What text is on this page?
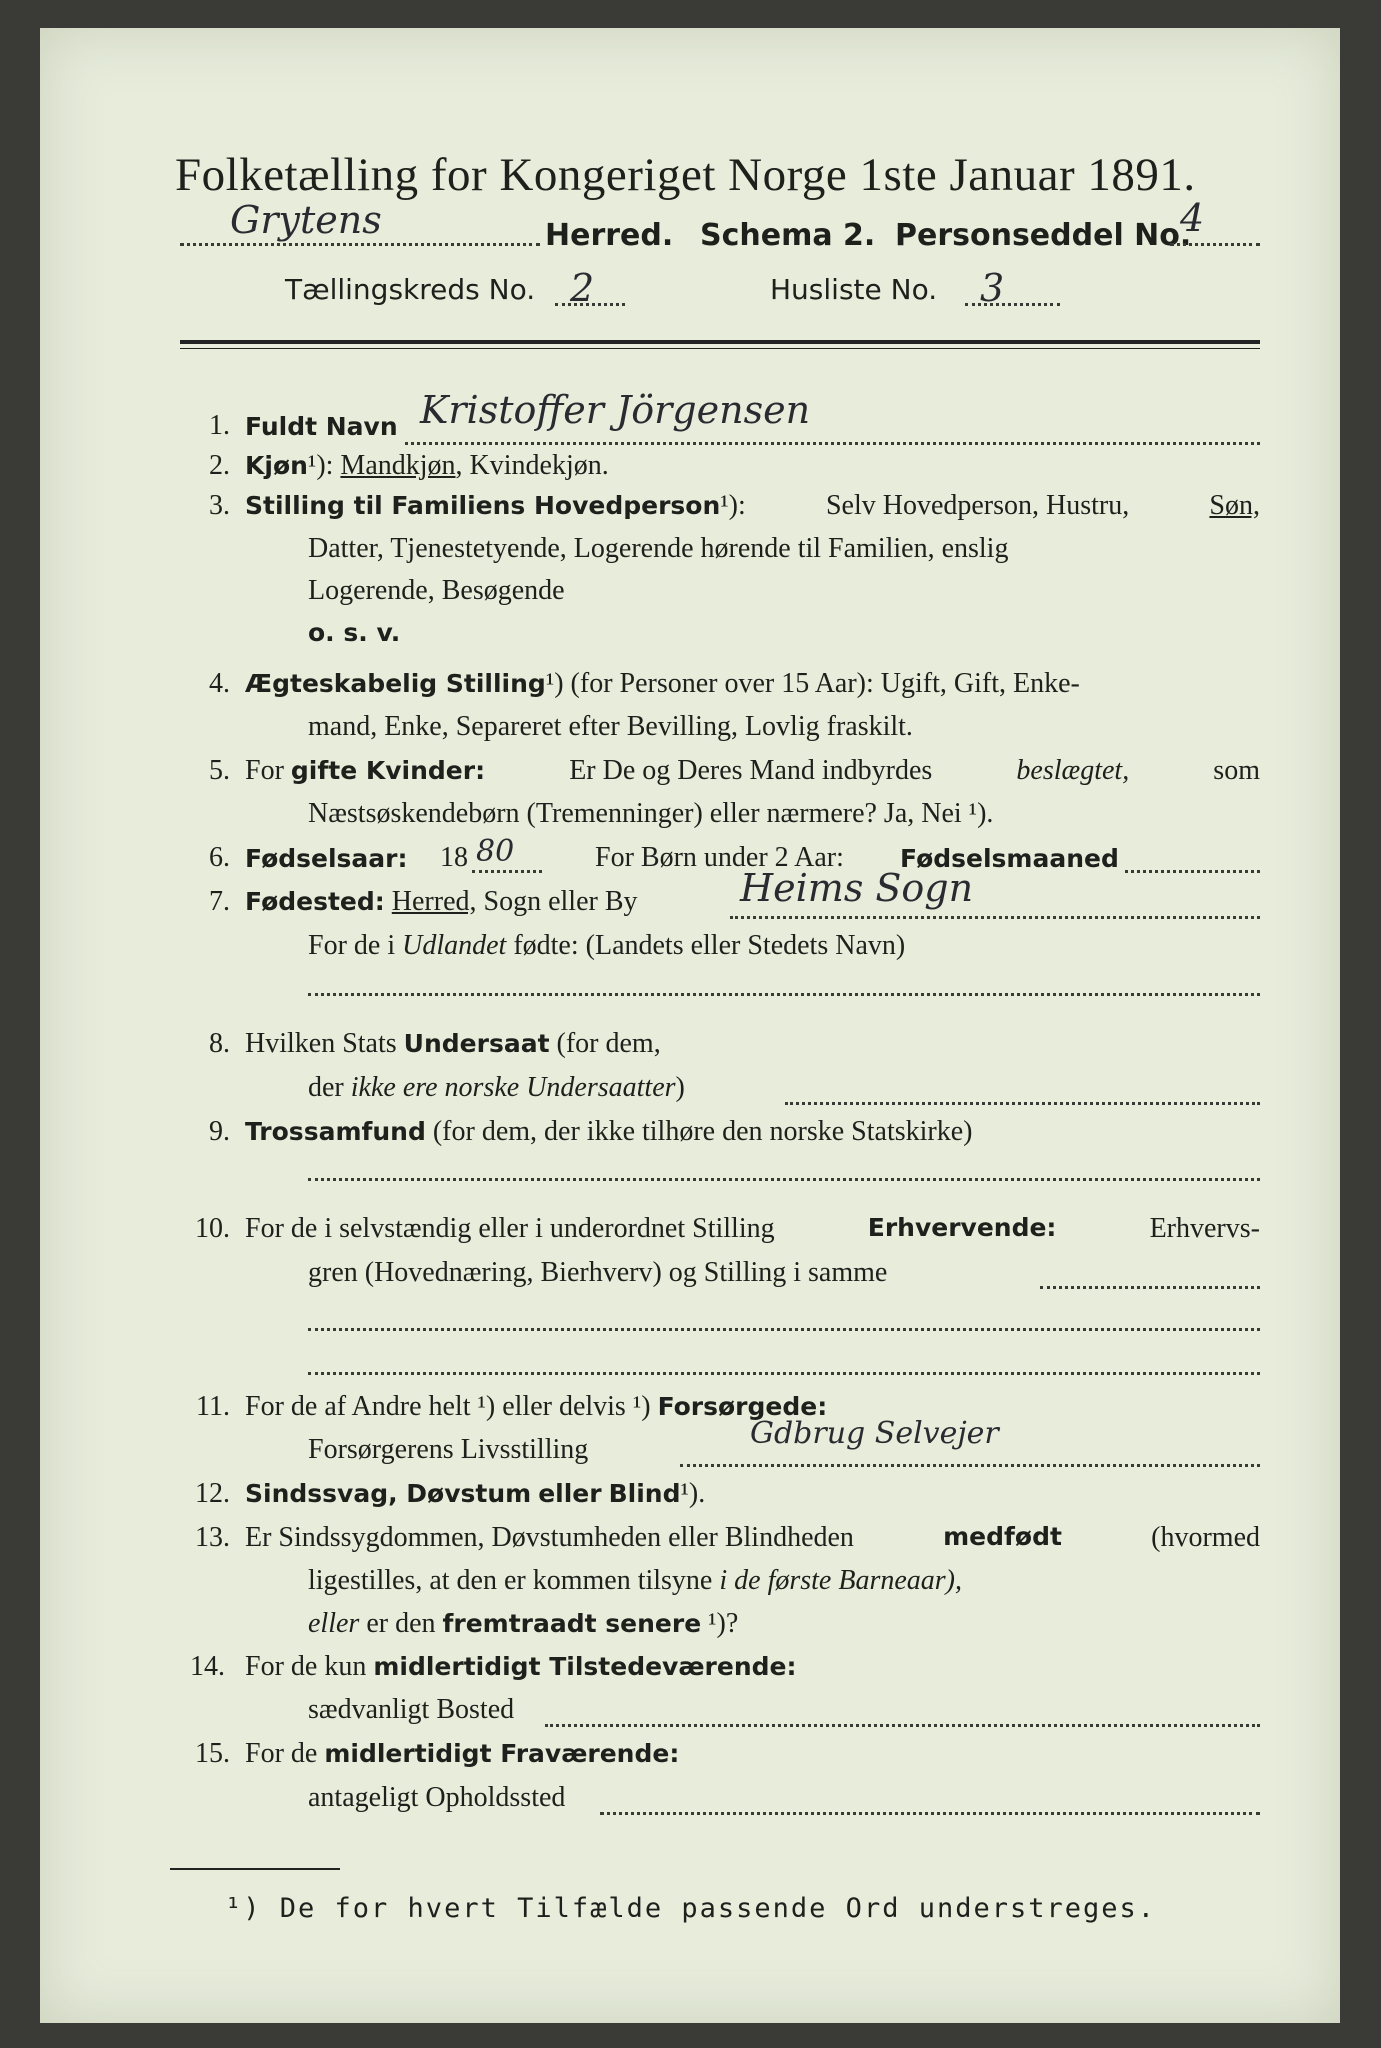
Folketælling for Kongeriget Norge 1ste Januar 1891.
Grytens	Herred. Schema 2. Personseddel No.
4
Tællingskreds No. 2	Husliste No. 3
1. Fuldt Navn Kristoffer Jörgensen
2. Kjøn¹): Mandkjøn, Kvindekjøn.
3. Stilling til Familiens Hovedperson¹):	Selv Hovedperson, Hustru,	Søn,
Datter, Tjenestetyende, Logerende hørende til Familien, enslig
Logerende, Besøgende
o. s. v.
4. Ægteskabelig Stilling¹) (for Personer over 15 Aar): Ugift, Gift, Enke-
mand, Enke, Separeret efter Bevilling, Lovlig fraskilt.
5. For gifte Kvinder:	Er De og Deres Mand indbyrdes	beslægtet,	som
Næstsøskendebørn (Tremenninger) eller nærmere? Ja, Nei ¹).
6. Fødselsaar: 18 80	For Børn under 2 Aar: Fødselsmaaned
7. Fødested: Herred, Sogn eller By	Heims Sogn
For de i Udlandet fødte: (Landets eller Stedets Navn)
8. Hvilken Stats Undersaat (for dem,
der ikke ere norske Undersaatter)
9. Trossamfund (for dem, der ikke tilhøre den norske Statskirke)
10. For de i selvstændig eller i underordnet Stilling	Erhvervende:	Erhvervs-
gren (Hovednæring, Bierhverv) og Stilling i samme
11. For de af Andre helt ¹) eller delvis ¹) Forsørgede:
Forsørgerens Livsstilling	Gdbrug Selvejer
12. Sindssvag, Døvstum eller Blind¹).
13. Er Sindssygdommen, Døvstumheden eller Blindheden	medfødt	(hvormed
ligestilles, at den er kommen tilsyne i de første Barneaar),
eller er den fremtraadt senere ¹)?
14. For de kun midlertidigt Tilstedeværende:
sædvanligt Bosted
15. For de midlertidigt Fraværende:
antageligt Opholdssted
¹) De for hvert Tilfælde passende Ord understreges.
